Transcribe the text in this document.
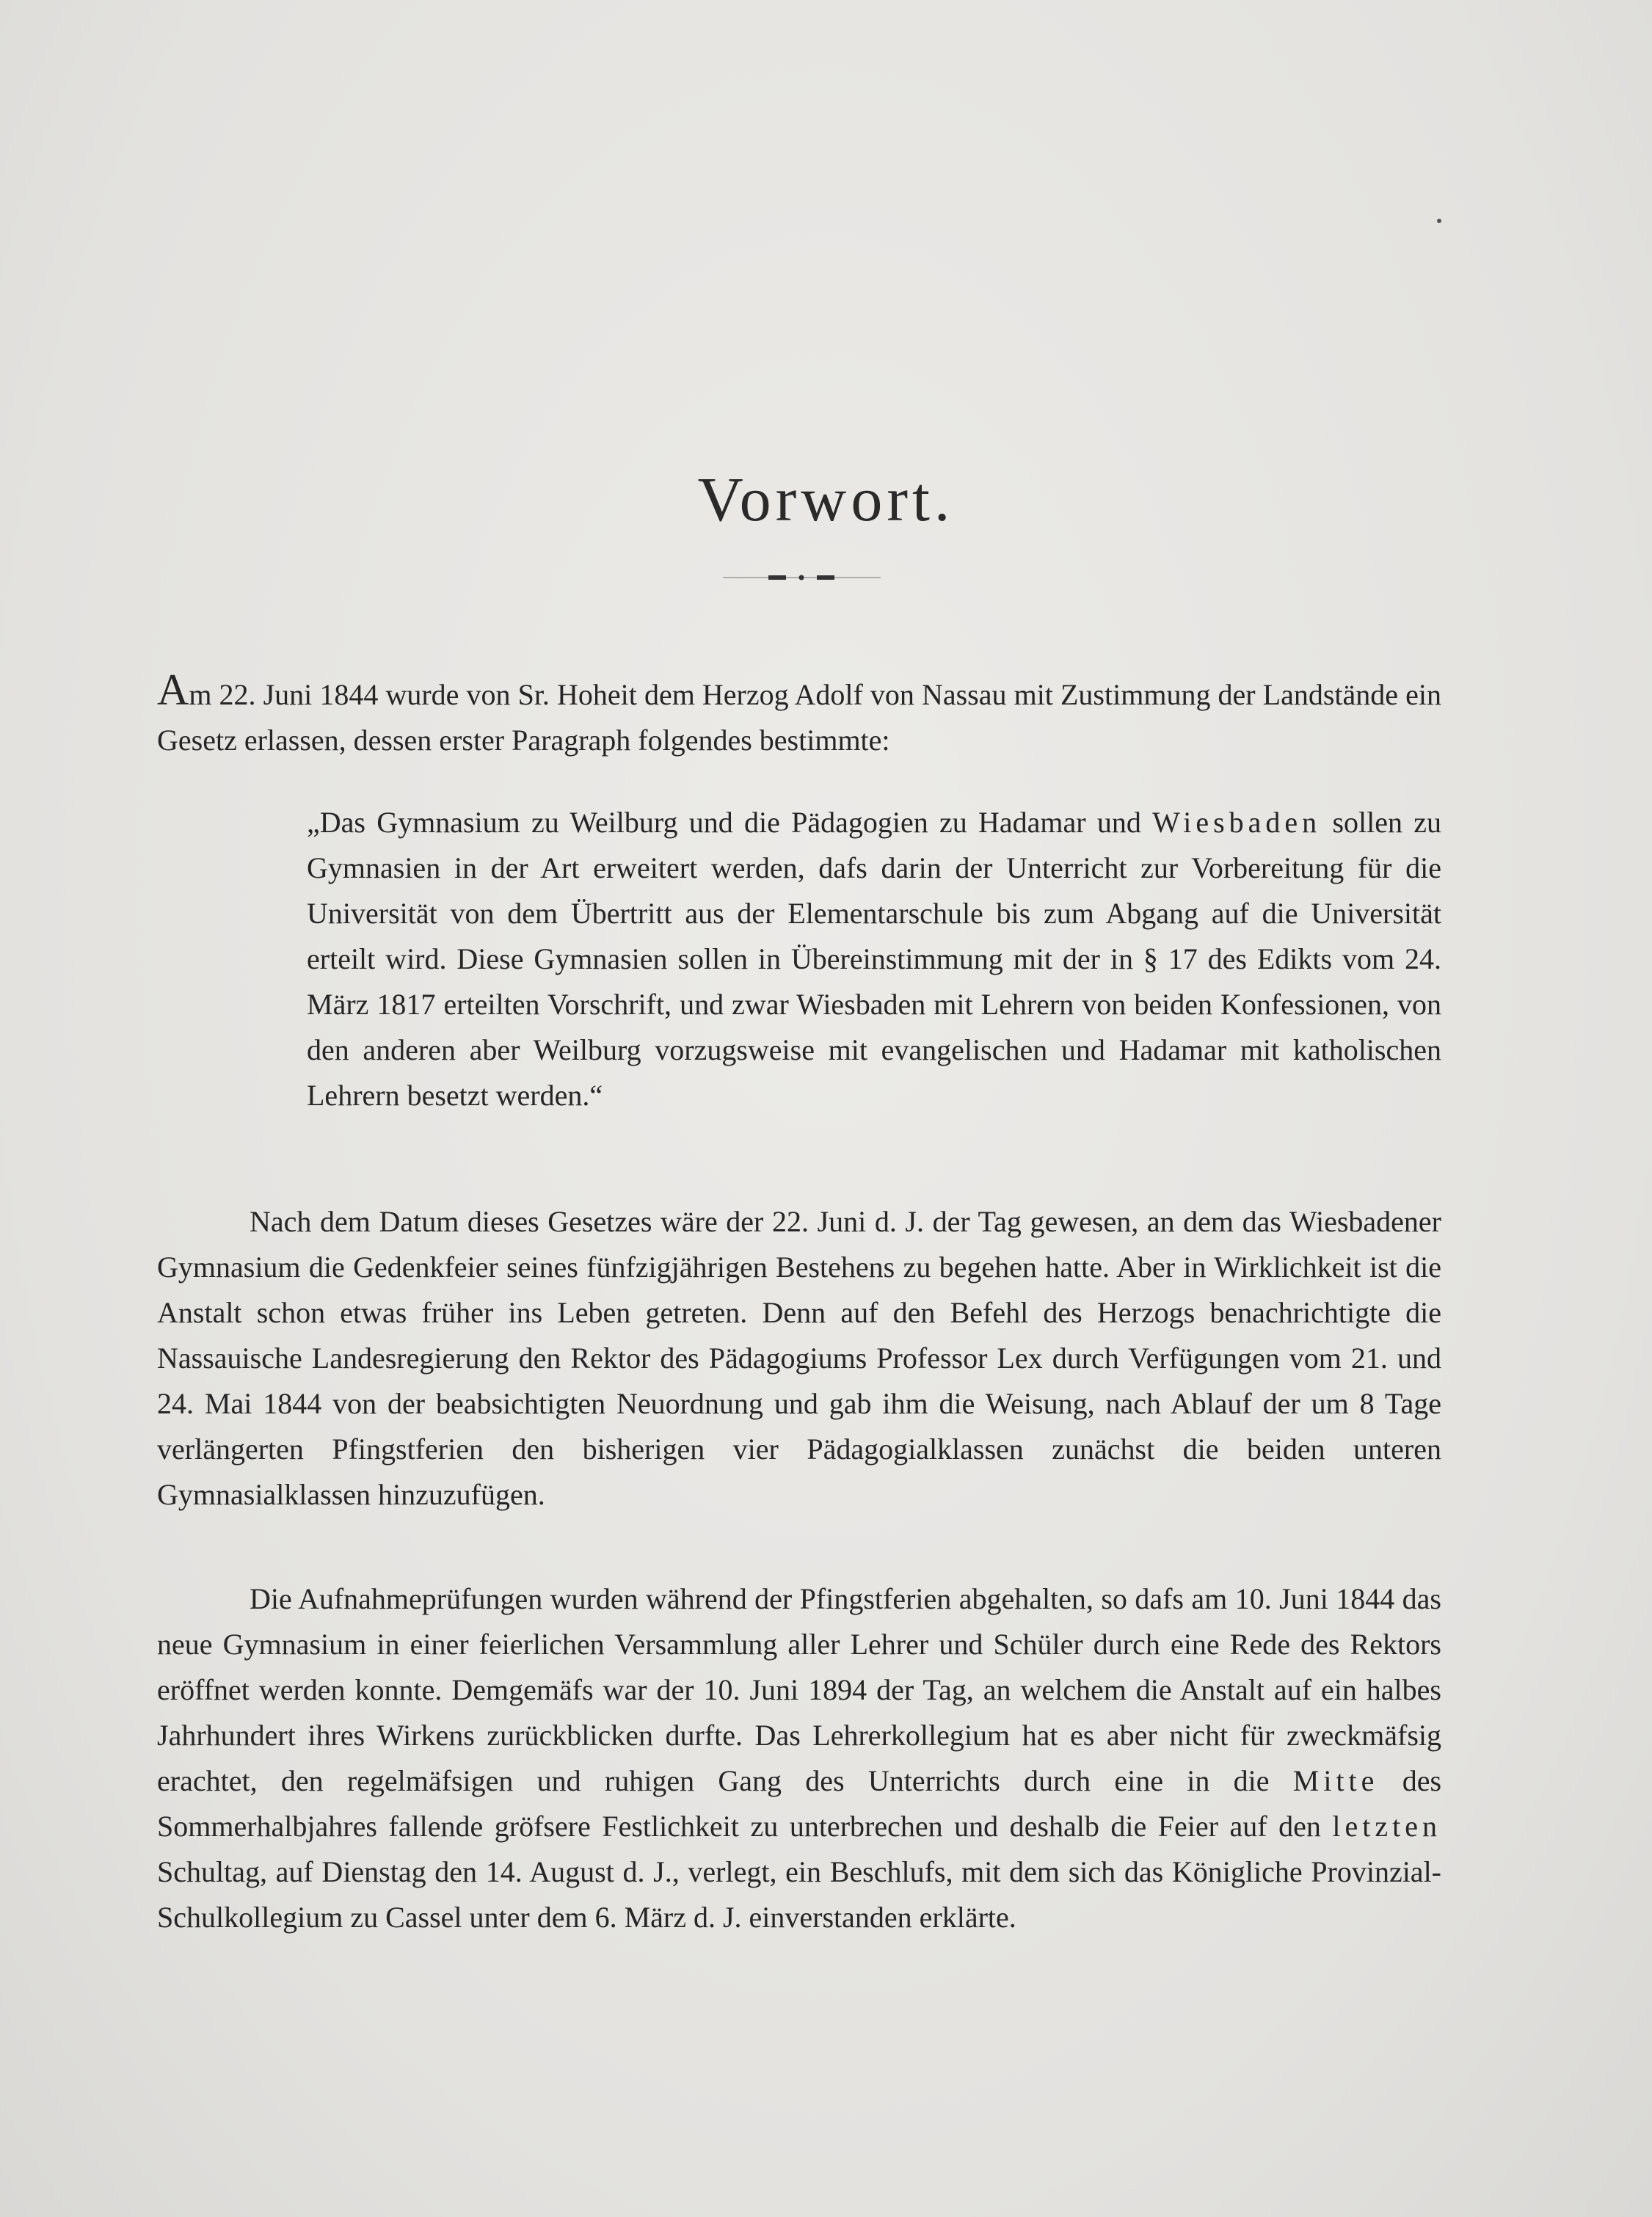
Vorwort.

Am 22. Juni 1844 wurde von Sr. Hoheit dem Herzog Adolf von Nassau mit Zustimmung der Landstände ein Gesetz erlassen, dessen erster Paragraph folgendes bestimmte:

„Das Gymnasium zu Weilburg und die Pädagogien zu Hadamar und Wiesbaden sollen zu Gymnasien in der Art erweitert werden, dafs darin der Unterricht zur Vorbereitung für die Universität von dem Übertritt aus der Elementarschule bis zum Abgang auf die Universität erteilt wird. Diese Gymnasien sollen in Übereinstimmung mit der in § 17 des Edikts vom 24. März 1817 erteilten Vorschrift, und zwar Wiesbaden mit Lehrern von beiden Konfessionen, von den anderen aber Weilburg vorzugsweise mit evangelischen und Hadamar mit katholischen Lehrern besetzt werden.“

Nach dem Datum dieses Gesetzes wäre der 22. Juni d. J. der Tag gewesen, an dem das Wiesbadener Gymnasium die Gedenkfeier seines fünfzigjährigen Bestehens zu begehen hatte. Aber in Wirklichkeit ist die Anstalt schon etwas früher ins Leben getreten. Denn auf den Befehl des Herzogs benachrichtigte die Nassauische Landesregierung den Rektor des Pädagogiums Professor Lex durch Verfügungen vom 21. und 24. Mai 1844 von der beabsichtigten Neuordnung und gab ihm die Weisung, nach Ablauf der um 8 Tage verlängerten Pfingstferien den bisherigen vier Pädagogialklassen zunächst die beiden unteren Gymnasialklassen hinzuzufügen.

Die Aufnahmeprüfungen wurden während der Pfingstferien abgehalten, so dafs am 10. Juni 1844 das neue Gymnasium in einer feierlichen Versammlung aller Lehrer und Schüler durch eine Rede des Rektors eröffnet werden konnte. Demgemäfs war der 10. Juni 1894 der Tag, an welchem die Anstalt auf ein halbes Jahrhundert ihres Wirkens zurückblicken durfte. Das Lehrerkollegium hat es aber nicht für zweckmäfsig erachtet, den regelmäfsigen und ruhigen Gang des Unterrichts durch eine in die Mitte des Sommerhalbjahres fallende gröfsere Festlichkeit zu unterbrechen und deshalb die Feier auf den letzten Schultag, auf Dienstag den 14. August d. J., verlegt, ein Beschlufs, mit dem sich das Königliche Provinzial-Schulkollegium zu Cassel unter dem 6. März d. J. einverstanden erklärte.
